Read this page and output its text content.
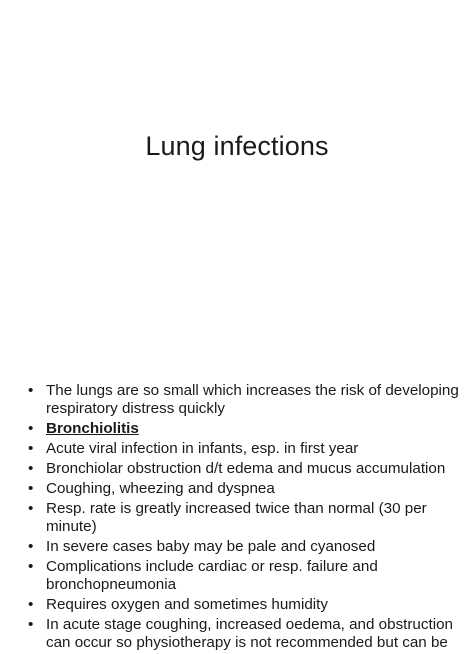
Lung infections
• The lungs are so small which increases the risk of developing respiratory distress quickly
• Bronchiolitis
• Acute viral infection in infants, esp. in first year
• Bronchiolar obstruction d/t edema and mucus accumulation
• Coughing, wheezing and dyspnea
• Resp. rate is greatly increased twice than normal (30 per minute)
• In severe cases baby may be pale and cyanosed
• Complications include cardiac or resp. failure and bronchopneumonia
• Requires oxygen and sometimes humidity
• In acute stage coughing, increased oedema, and obstruction can occur so physiotherapy is not recommended but can be
